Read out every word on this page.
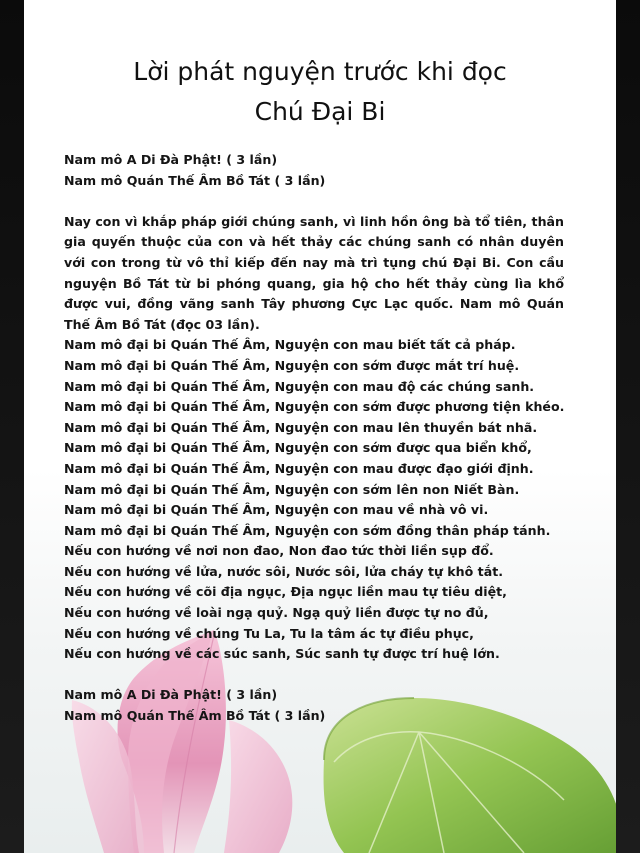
Lời phát nguyện trước khi đọc
Chú Đại Bi
Nam mô A Di Đà Phật! ( 3 lần)
Nam mô Quán Thế Âm Bồ Tát ( 3 lần)
Nay con vì khắp pháp giới chúng sanh, vì linh hồn ông bà tổ tiên, thân gia quyến thuộc của con và hết thảy các chúng sanh có nhân duyên với con trong từ vô thỉ kiếp đến nay mà trì tụng chú Đại Bi. Con cầu nguyện Bồ Tát từ bi phóng quang, gia hộ cho hết thảy cùng lìa khổ được vui, đồng vãng sanh Tây phương Cực Lạc quốc. Nam mô Quán Thế Âm Bồ Tát (đọc 03 lần).
Nam mô đại bi Quán Thế Âm, Nguyện con mau biết tất cả pháp.
Nam mô đại bi Quán Thế Âm, Nguyện con sớm được mắt trí huệ.
Nam mô đại bi Quán Thế Âm, Nguyện con mau độ các chúng sanh.
Nam mô đại bi Quán Thế Âm, Nguyện con sớm được phương tiện khéo.
Nam mô đại bi Quán Thế Âm, Nguyện con mau lên thuyền bát nhã.
Nam mô đại bi Quán Thế Âm, Nguyện con sớm được qua biển khổ,
Nam mô đại bi Quán Thế Âm, Nguyện con mau được đạo giới định.
Nam mô đại bi Quán Thế Âm, Nguyện con sớm lên non Niết Bàn.
Nam mô đại bi Quán Thế Âm, Nguyện con mau về nhà vô vi.
Nam mô đại bi Quán Thế Âm, Nguyện con sớm đồng thân pháp tánh.
Nếu con hướng về nơi non đao, Non đao tức thời liền sụp đổ.
Nếu con hướng về lửa, nước sôi, Nước sôi, lửa cháy tự khô tắt.
Nếu con hướng về cõi địa ngục, Địa ngục liền mau tự tiêu diệt,
Nếu con hướng về loài ngạ quỷ. Ngạ quỷ liền được tự no đủ,
Nếu con hướng về chúng Tu La, Tu la tâm ác tự điều phục,
Nếu con hướng về các súc sanh, Súc sanh tự được trí huệ lớn.
Nam mô A Di Đà Phật! ( 3 lần)
Nam mô Quán Thế Âm Bồ Tát ( 3 lần)
